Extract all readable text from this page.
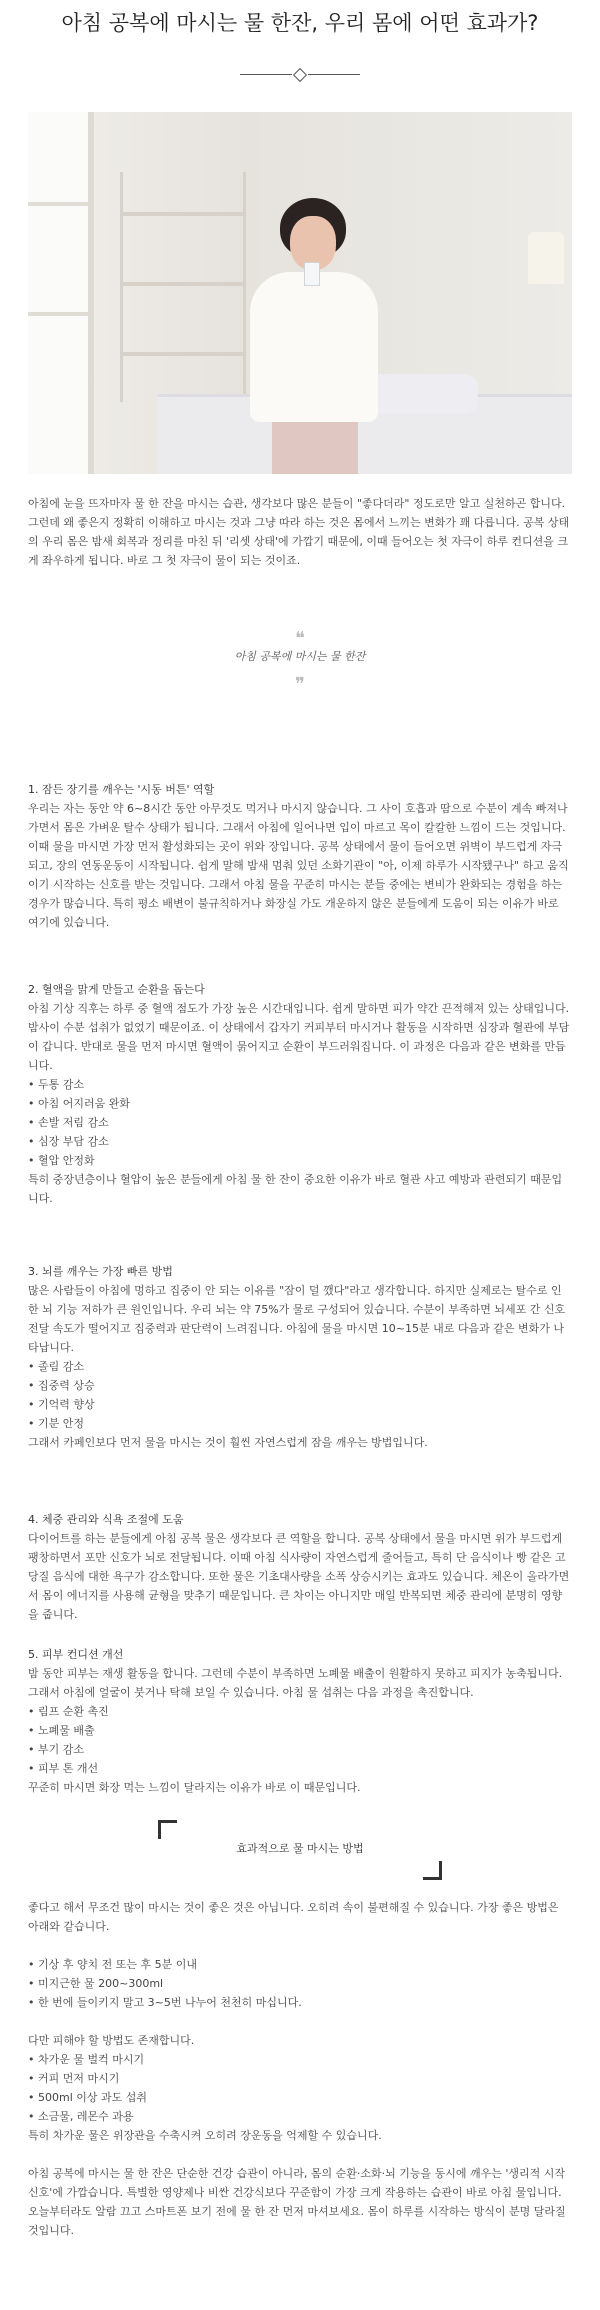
아침 공복에 마시는 물 한잔, 우리 몸에 어떤 효과가?

아침에 눈을 뜨자마자 물 한 잔을 마시는 습관, 생각보다 많은 분들이 "좋다더라" 정도로만 알고 실천하곤 합니다. 그런데 왜 좋은지 정확히 이해하고 마시는 것과 그냥 따라 하는 것은 몸에서 느끼는 변화가 꽤 다릅니다. 공복 상태의 우리 몸은 밤새 회복과 정리를 마친 뒤 '리셋 상태'에 가깝기 때문에, 이때 들어오는 첫 자극이 하루 컨디션을 크게 좌우하게 됩니다. 바로 그 첫 자극이 물이 되는 것이죠.

❝
아침 공복에 마시는 물 한잔
❞
1. 잠든 장기를 깨우는 '시동 버튼' 역할
우리는 자는 동안 약 6~8시간 동안 아무것도 먹거나 마시지 않습니다. 그 사이 호흡과 땀으로 수분이 계속 빠져나가면서 몸은 가벼운 탈수 상태가 됩니다. 그래서 아침에 일어나면 입이 마르고 목이 칼칼한 느낌이 드는 것입니다. 이때 물을 마시면 가장 먼저 활성화되는 곳이 위와 장입니다. 공복 상태에서 물이 들어오면 위벽이 부드럽게 자극되고, 장의 연동운동이 시작됩니다. 쉽게 말해 밤새 멈춰 있던 소화기관이 "아, 이제 하루가 시작됐구나" 하고 움직이기 시작하는 신호를 받는 것입니다. 그래서 아침 물을 꾸준히 마시는 분들 중에는 변비가 완화되는 경험을 하는 경우가 많습니다. 특히 평소 배변이 불규칙하거나 화장실 가도 개운하지 않은 분들에게 도움이 되는 이유가 바로 여기에 있습니다.
2. 혈액을 맑게 만들고 순환을 돕는다
아침 기상 직후는 하루 중 혈액 점도가 가장 높은 시간대입니다. 쉽게 말하면 피가 약간 끈적해져 있는 상태입니다. 밤사이 수분 섭취가 없었기 때문이죠. 이 상태에서 갑자기 커피부터 마시거나 활동을 시작하면 심장과 혈관에 부담이 갑니다. 반대로 물을 먼저 마시면 혈액이 묽어지고 순환이 부드러워집니다. 이 과정은 다음과 같은 변화를 만듭니다.
• 두통 감소
• 아침 어지러움 완화
• 손발 저림 감소
• 심장 부담 감소
• 혈압 안정화
특히 중장년층이나 혈압이 높은 분들에게 아침 물 한 잔이 중요한 이유가 바로 혈관 사고 예방과 관련되기 때문입니다.
3. 뇌를 깨우는 가장 빠른 방법
많은 사람들이 아침에 멍하고 집중이 안 되는 이유를 "잠이 덜 깼다"라고 생각합니다. 하지만 실제로는 탈수로 인한 뇌 기능 저하가 큰 원인입니다. 우리 뇌는 약 75%가 물로 구성되어 있습니다. 수분이 부족하면 뇌세포 간 신호 전달 속도가 떨어지고 집중력과 판단력이 느려집니다. 아침에 물을 마시면 10~15분 내로 다음과 같은 변화가 나타납니다.
• 졸림 감소
• 집중력 상승
• 기억력 향상
• 기분 안정
그래서 카페인보다 먼저 물을 마시는 것이 훨씬 자연스럽게 잠을 깨우는 방법입니다.
4. 체중 관리와 식욕 조절에 도움
다이어트를 하는 분들에게 아침 공복 물은 생각보다 큰 역할을 합니다. 공복 상태에서 물을 마시면 위가 부드럽게 팽창하면서 포만 신호가 뇌로 전달됩니다. 이때 아침 식사량이 자연스럽게 줄어들고, 특히 단 음식이나 빵 같은 고당질 음식에 대한 욕구가 감소합니다. 또한 물은 기초대사량을 소폭 상승시키는 효과도 있습니다. 체온이 올라가면서 몸이 에너지를 사용해 균형을 맞추기 때문입니다. 큰 차이는 아니지만 매일 반복되면 체중 관리에 분명히 영향을 줍니다.
5. 피부 컨디션 개선
밤 동안 피부는 재생 활동을 합니다. 그런데 수분이 부족하면 노폐물 배출이 원활하지 못하고 피지가 농축됩니다. 그래서 아침에 얼굴이 붓거나 탁해 보일 수 있습니다. 아침 물 섭취는 다음 과정을 촉진합니다.
• 림프 순환 촉진
• 노폐물 배출
• 부기 감소
• 피부 톤 개선
꾸준히 마시면 화장 먹는 느낌이 달라지는 이유가 바로 이 때문입니다.
효과적으로 물 마시는 방법
좋다고 해서 무조건 많이 마시는 것이 좋은 것은 아닙니다. 오히려 속이 불편해질 수 있습니다. 가장 좋은 방법은 아래와 같습니다.
• 기상 후 양치 전 또는 후 5분 이내
• 미지근한 물 200~300ml
• 한 번에 들이키지 말고 3~5번 나누어 천천히 마십니다.
다만 피해야 할 방법도 존재합니다.
• 차가운 물 벌컥 마시기
• 커피 먼저 마시기
• 500ml 이상 과도 섭취
• 소금물, 레몬수 과용
특히 차가운 물은 위장관을 수축시켜 오히려 장운동을 억제할 수 있습니다.
아침 공복에 마시는 물 한 잔은 단순한 건강 습관이 아니라, 몸의 순환·소화·뇌 기능을 동시에 깨우는 '생리적 시작 신호'에 가깝습니다. 특별한 영양제나 비싼 건강식보다 꾸준함이 가장 크게 작용하는 습관이 바로 아침 물입니다. 오늘부터라도 알람 끄고 스마트폰 보기 전에 물 한 잔 먼저 마셔보세요. 몸이 하루를 시작하는 방식이 분명 달라질 것입니다.
